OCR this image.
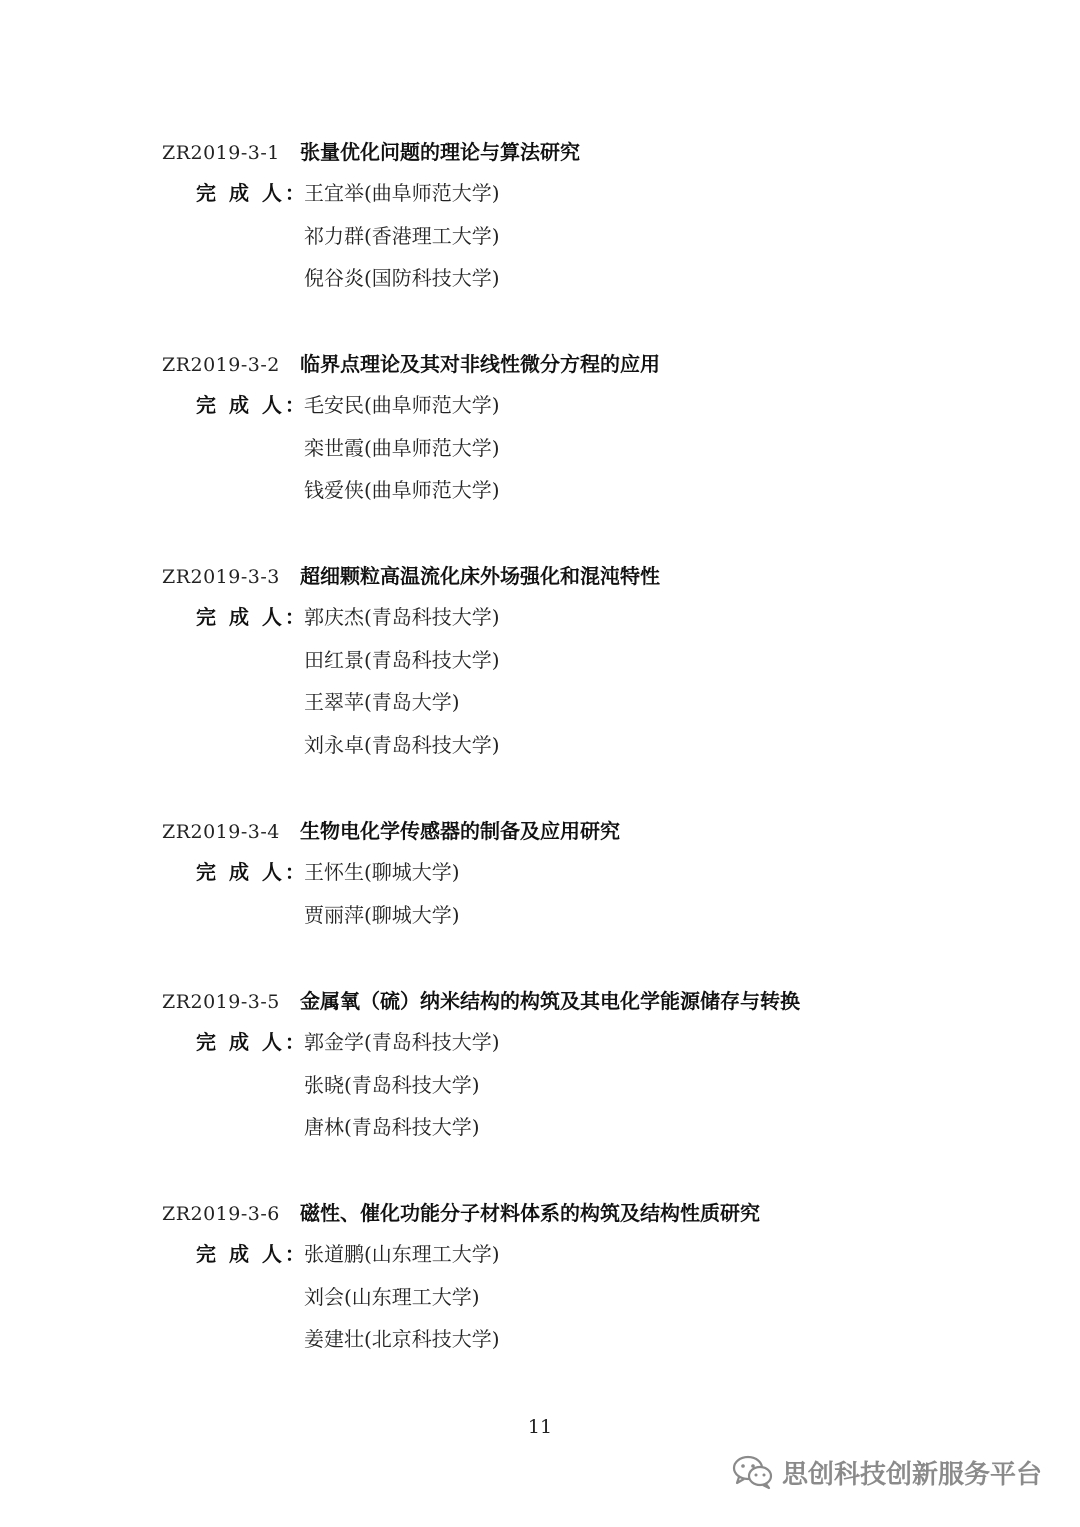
ZR2019-3-1 张量优化问题的理论与算法研究
完 成 人：王宜举(曲阜师范大学)
祁力群(香港理工大学)
倪谷炎(国防科技大学)
ZR2019-3-2 临界点理论及其对非线性微分方程的应用
完 成 人：毛安民(曲阜师范大学)
栾世霞(曲阜师范大学)
钱爱侠(曲阜师范大学)
ZR2019-3-3 超细颗粒高温流化床外场强化和混沌特性
完 成 人：郭庆杰(青岛科技大学)
田红景(青岛科技大学)
王翠苹(青岛大学)
刘永卓(青岛科技大学)
ZR2019-3-4 生物电化学传感器的制备及应用研究
完 成 人：王怀生(聊城大学)
贾丽萍(聊城大学)
ZR2019-3-5 金属氧（硫）纳米结构的构筑及其电化学能源储存与转换
完 成 人：郭金学(青岛科技大学)
张晓(青岛科技大学)
唐林(青岛科技大学)
ZR2019-3-6 磁性、催化功能分子材料体系的构筑及结构性质研究
完 成 人：张道鹏(山东理工大学)
刘会(山东理工大学)
姜建壮(北京科技大学)
11
思创科技创新服务平台
